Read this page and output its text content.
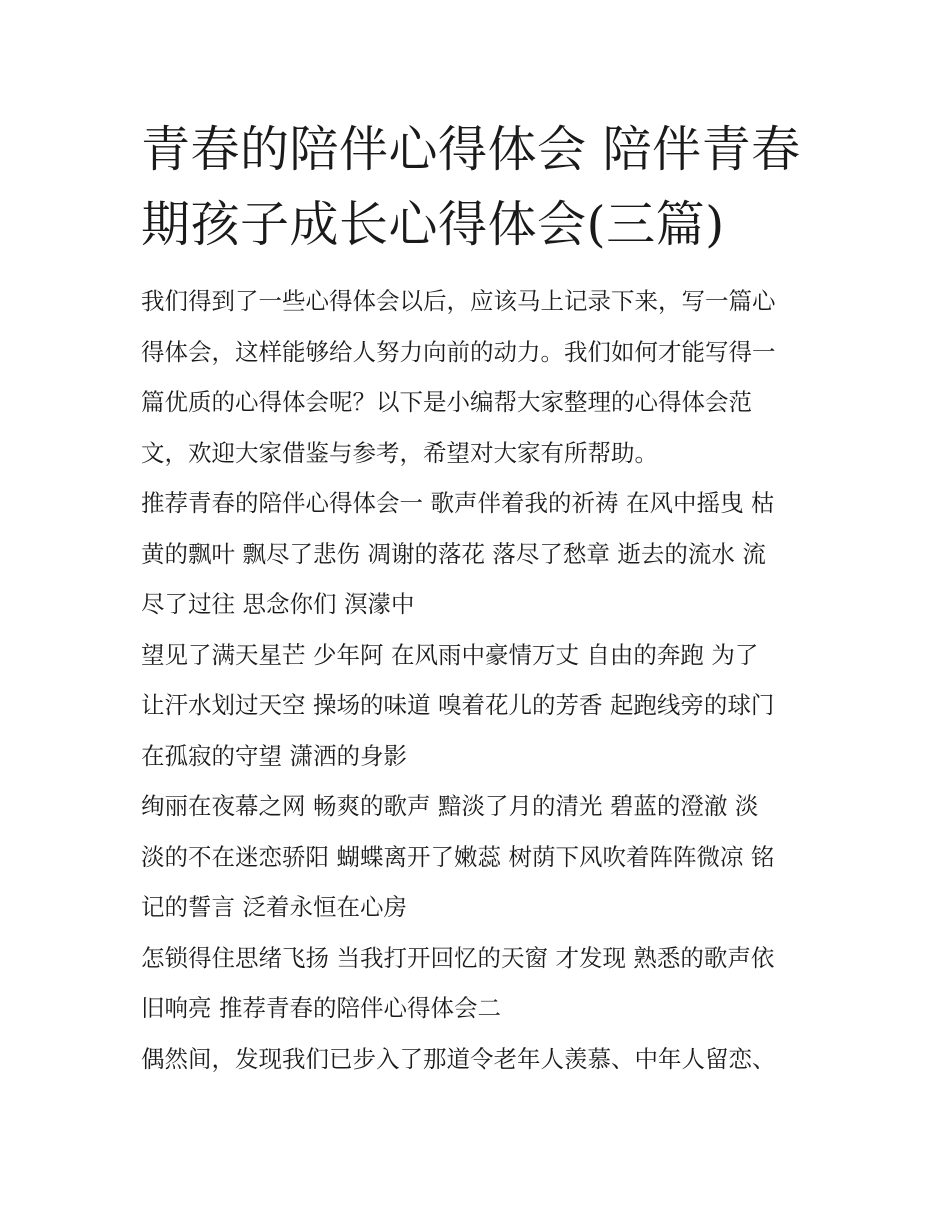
青春的陪伴心得体会 陪伴青春
期孩子成长心得体会(三篇)

我们得到了一些心得体会以后，应该马上记录下来，写一篇心
得体会，这样能够给人努力向前的动力。我们如何才能写得一
篇优质的心得体会呢？以下是小编帮大家整理的心得体会范
文，欢迎大家借鉴与参考，希望对大家有所帮助。

推荐青春的陪伴心得体会一 歌声伴着我的祈祷 在风中摇曳 枯
黄的飘叶 飘尽了悲伤 凋谢的落花 落尽了愁章 逝去的流水 流
尽了过往 思念你们 溟濛中

望见了满天星芒 少年阿 在风雨中豪情万丈 自由的奔跑 为了
让汗水划过天空 操场的味道 嗅着花儿的芳香 起跑线旁的球门
在孤寂的守望 潇洒的身影

绚丽在夜幕之网 畅爽的歌声 黯淡了月的清光 碧蓝的澄澈 淡
淡的不在迷恋骄阳 蝴蝶离开了嫩蕊 树荫下风吹着阵阵微凉 铭
记的誓言 泛着永恒在心房

怎锁得住思绪飞扬 当我打开回忆的天窗 才发现 熟悉的歌声依
旧响亮 推荐青春的陪伴心得体会二

偶然间，发现我们已步入了那道令老年人羡慕、中年人留恋、
